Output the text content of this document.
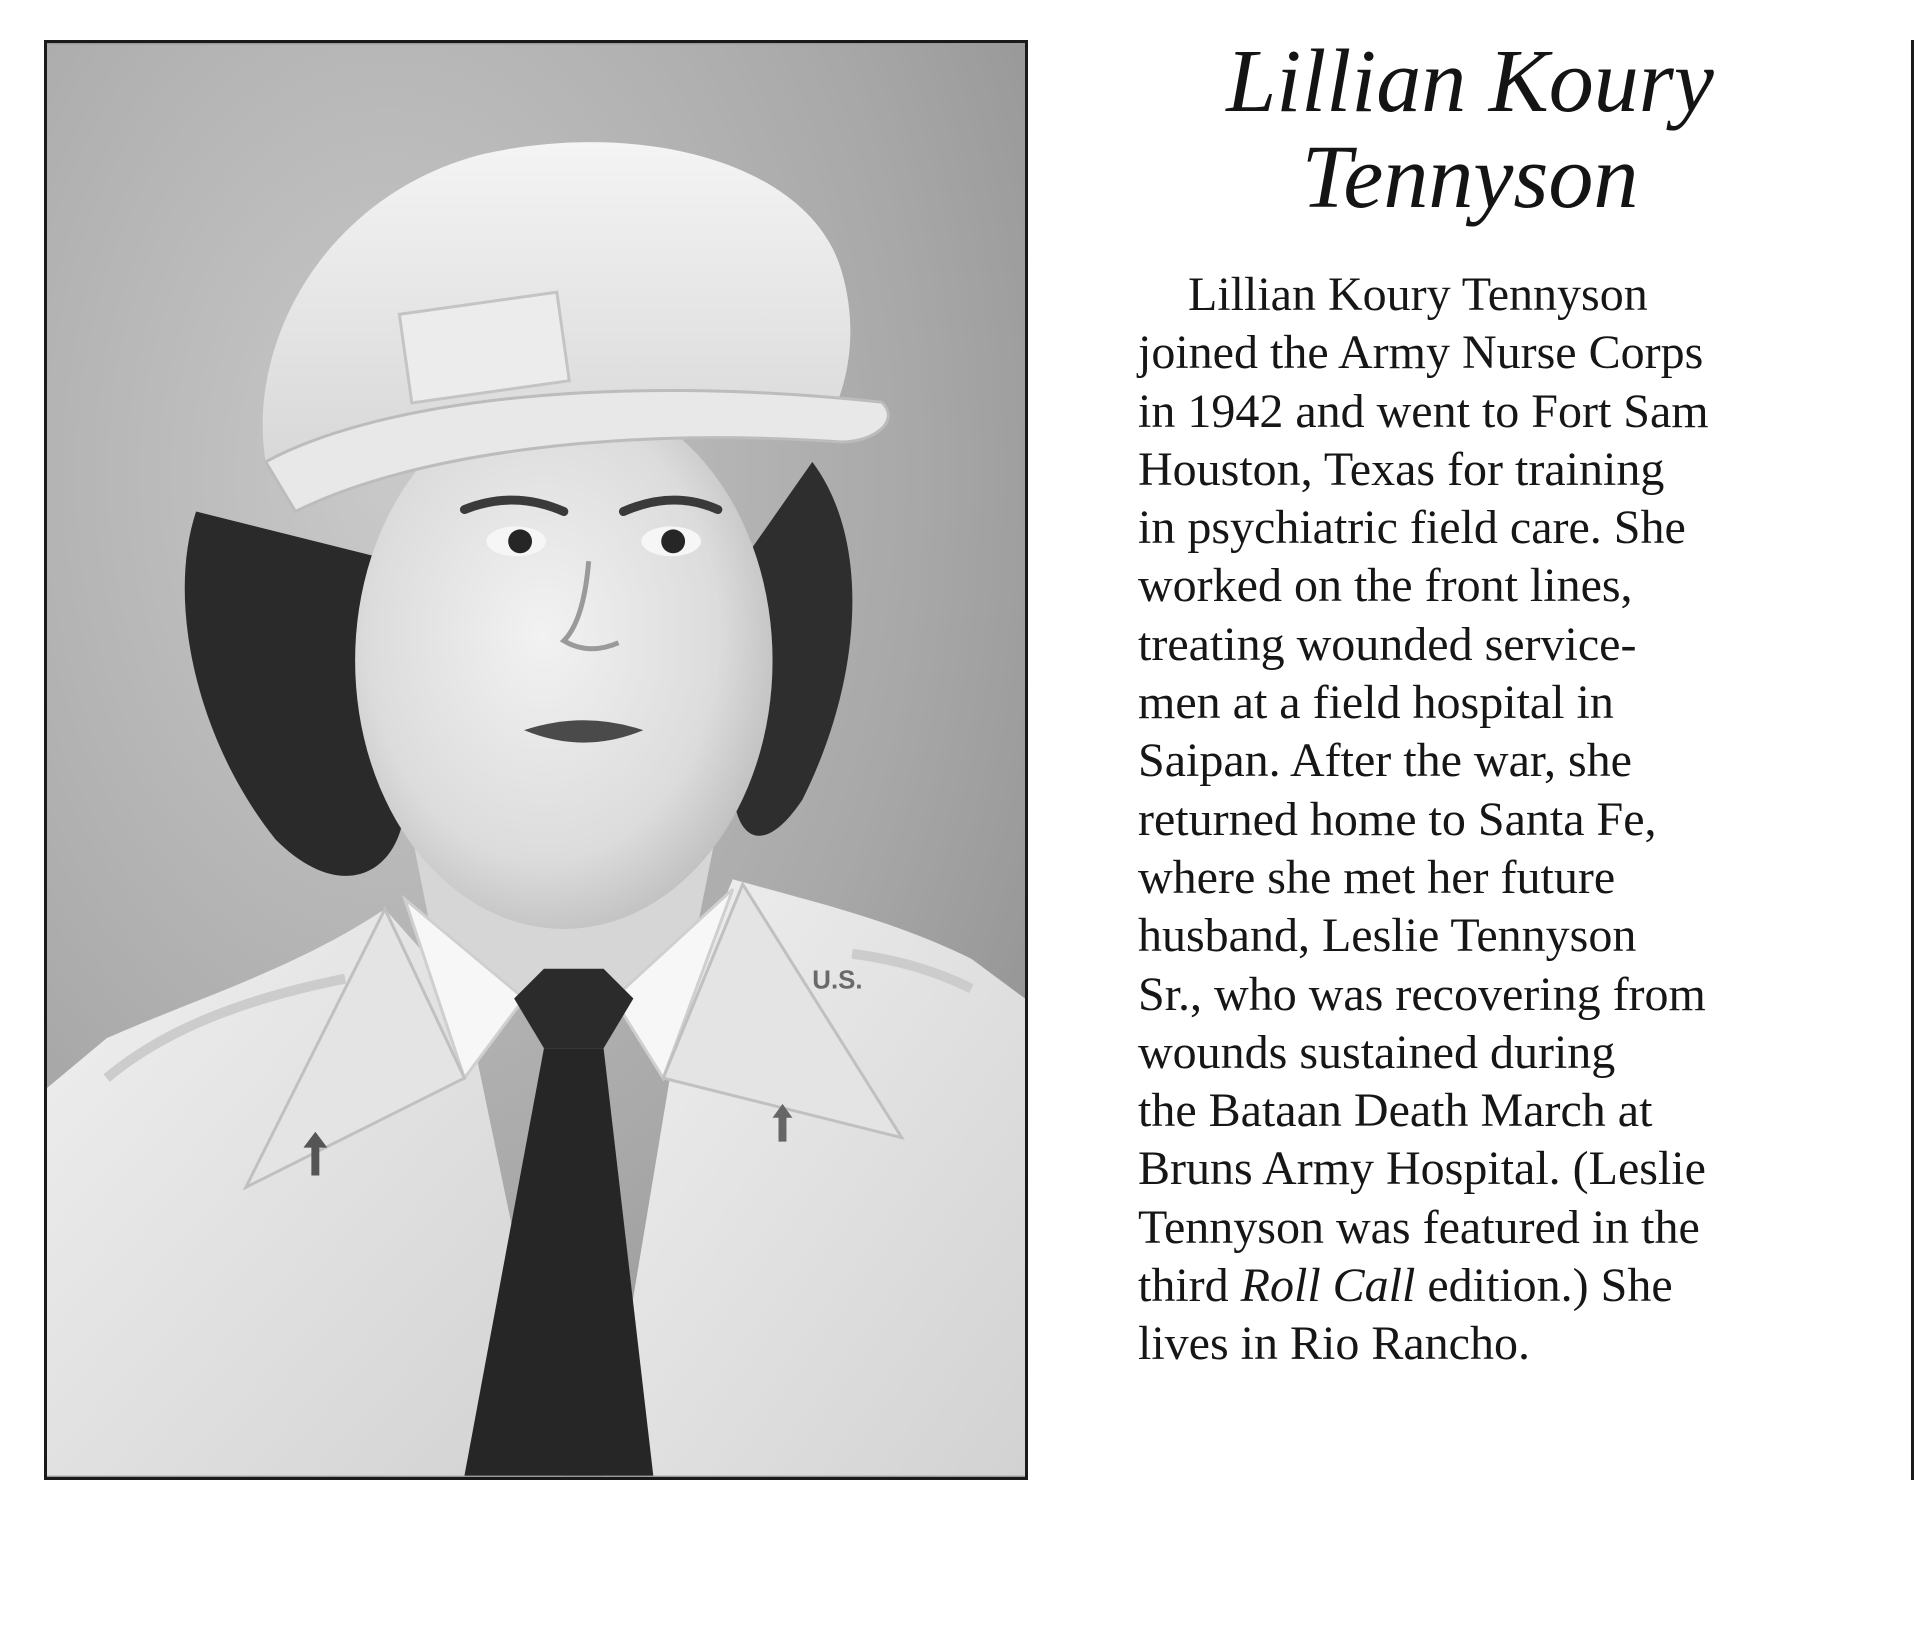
U.S.
Lillian Koury
Tennyson

Lillian Koury Tennyson
joined the Army Nurse Corps
in 1942 and went to Fort Sam
Houston, Texas for training
in psychiatric field care. She
worked on the front lines,
treating wounded service-
men at a field hospital in
Saipan. After the war, she
returned home to Santa Fe,
where she met her future
husband, Leslie Tennyson
Sr., who was recovering from
wounds sustained during
the Bataan Death March at
Bruns Army Hospital. (Leslie
Tennyson was featured in the
third Roll Call edition.) She
lives in Rio Rancho.
